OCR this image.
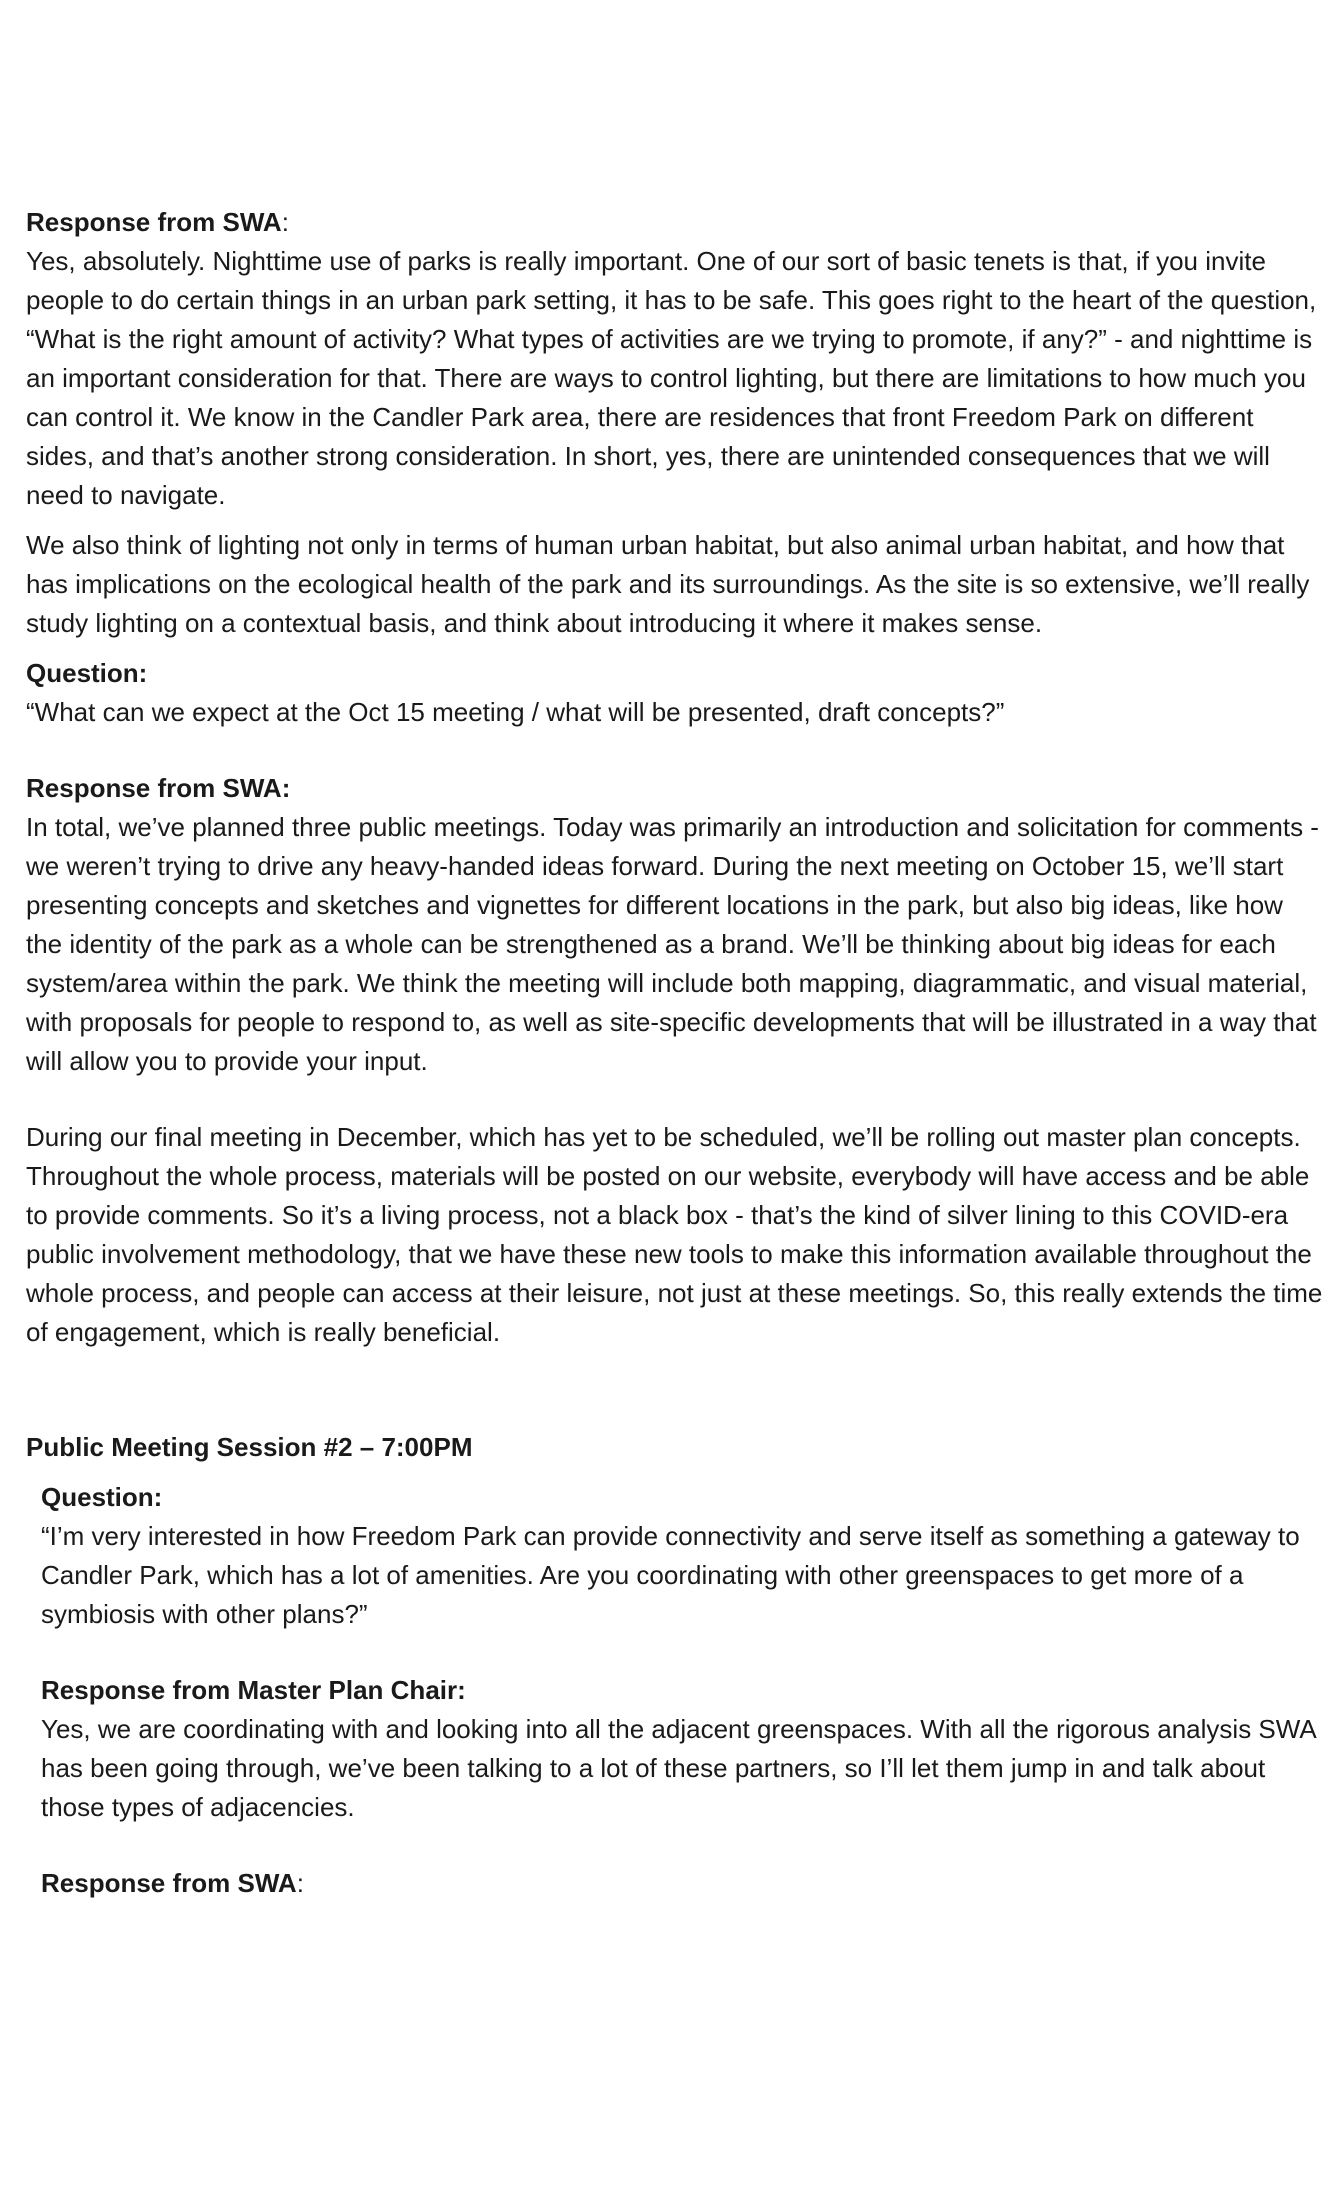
Response from SWA:

Yes, absolutely. Nighttime use of parks is really important. One of our sort of basic tenets is that, if you invite people to do certain things in an urban park setting, it has to be safe. This goes right to the heart of the question, “What is the right amount of activity? What types of activities are we trying to promote, if any?” - and nighttime is an important consideration for that. There are ways to control lighting, but there are limitations to how much you can control it. We know in the Candler Park area, there are residences that front Freedom Park on different sides, and that’s another strong consideration. In short, yes, there are unintended consequences that we will need to navigate.

We also think of lighting not only in terms of human urban habitat, but also animal urban habitat, and how that has implications on the ecological health of the park and its surroundings. As the site is so extensive, we’ll really study lighting on a contextual basis, and think about introducing it where it makes sense.

Question:

“What can we expect at the Oct 15 meeting / what will be presented, draft concepts?”

Response from SWA:

In total, we’ve planned three public meetings. Today was primarily an introduction and solicitation for comments - we weren’t trying to drive any heavy-handed ideas forward. During the next meeting on October 15, we’ll start presenting concepts and sketches and vignettes for different locations in the park, but also big ideas, like how the identity of the park as a whole can be strengthened as a brand. We’ll be thinking about big ideas for each system/area within the park. We think the meeting will include both mapping, diagrammatic, and visual material, with proposals for people to respond to, as well as site-specific developments that will be illustrated in a way that will allow you to provide your input.

During our final meeting in December, which has yet to be scheduled, we’ll be rolling out master plan concepts. Throughout the whole process, materials will be posted on our website, everybody will have access and be able to provide comments. So it’s a living process, not a black box - that’s the kind of silver lining to this COVID-era public involvement methodology, that we have these new tools to make this information available throughout the whole process, and people can access at their leisure, not just at these meetings. So, this really extends the time of engagement, which is really beneficial.

Public Meeting Session #2 – 7:00PM
Question:

“I’m very interested in how Freedom Park can provide connectivity and serve itself as something a gateway to Candler Park, which has a lot of amenities. Are you coordinating with other greenspaces to get more of a symbiosis with other plans?”

Response from Master Plan Chair:

Yes, we are coordinating with and looking into all the adjacent greenspaces. With all the rigorous analysis SWA has been going through, we’ve been talking to a lot of these partners, so I’ll let them jump in and talk about those types of adjacencies.

Response from SWA:
